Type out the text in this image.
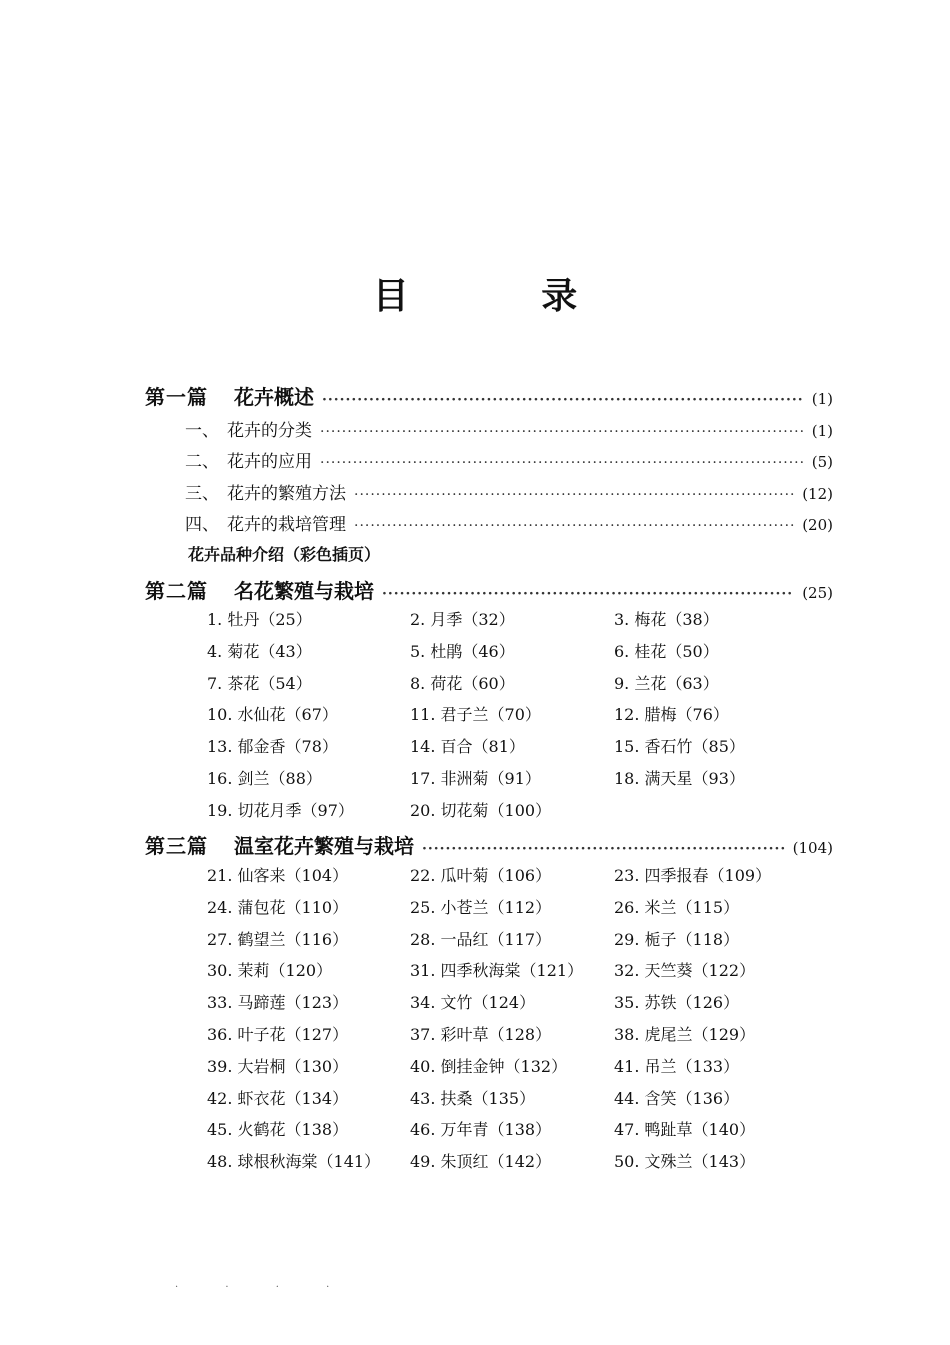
目 录
第一篇 花卉概述 ·····	(1)
一、 花卉的分类 ·····	(1)
二、 花卉的应用 ·····	(5)
三、 花卉的繁殖方法 ·····	(12)
四、 花卉的栽培管理 ·····	(20)
花卉品种介绍（彩色插页）
第二篇 名花繁殖与栽培 ·····	(25)
1. 牡丹（25）	2. 月季（32）	3. 梅花（38）
4. 菊花（43）	5. 杜鹃（46）	6. 桂花（50）
7. 茶花（54）	8. 荷花（60）	9. 兰花（63）
10. 水仙花（67）	11. 君子兰（70）	12. 腊梅（76）
13. 郁金香（78）	14. 百合（81）	15. 香石竹（85）
16. 剑兰（88）	17. 非洲菊（91）	18. 满天星（93）
19. 切花月季（97）	20. 切花菊（100）
第三篇 温室花卉繁殖与栽培 ·····	(104)
21. 仙客来（104）	22. 瓜叶菊（106）	23. 四季报春（109）
24. 蒲包花（110）	25. 小苍兰（112）	26. 米兰（115）
27. 鹤望兰（116）	28. 一品红（117）	29. 栀子（118）
30. 茉莉（120）	31. 四季秋海棠（121）	32. 天竺葵（122）
33. 马蹄莲（123）	34. 文竹（124）	35. 苏铁（126）
36. 叶子花（127）	37. 彩叶草（128）	38. 虎尾兰（129）
39. 大岩桐（130）	40. 倒挂金钟（132）	41. 吊兰（133）
42. 虾衣花（134）	43. 扶桑（135）	44. 含笑（136）
45. 火鹤花（138）	46. 万年青（138）	47. 鸭趾草（140）
48. 球根秋海棠（141）	49. 朱顶红（142）	50. 文殊兰（143）
· · · ·
